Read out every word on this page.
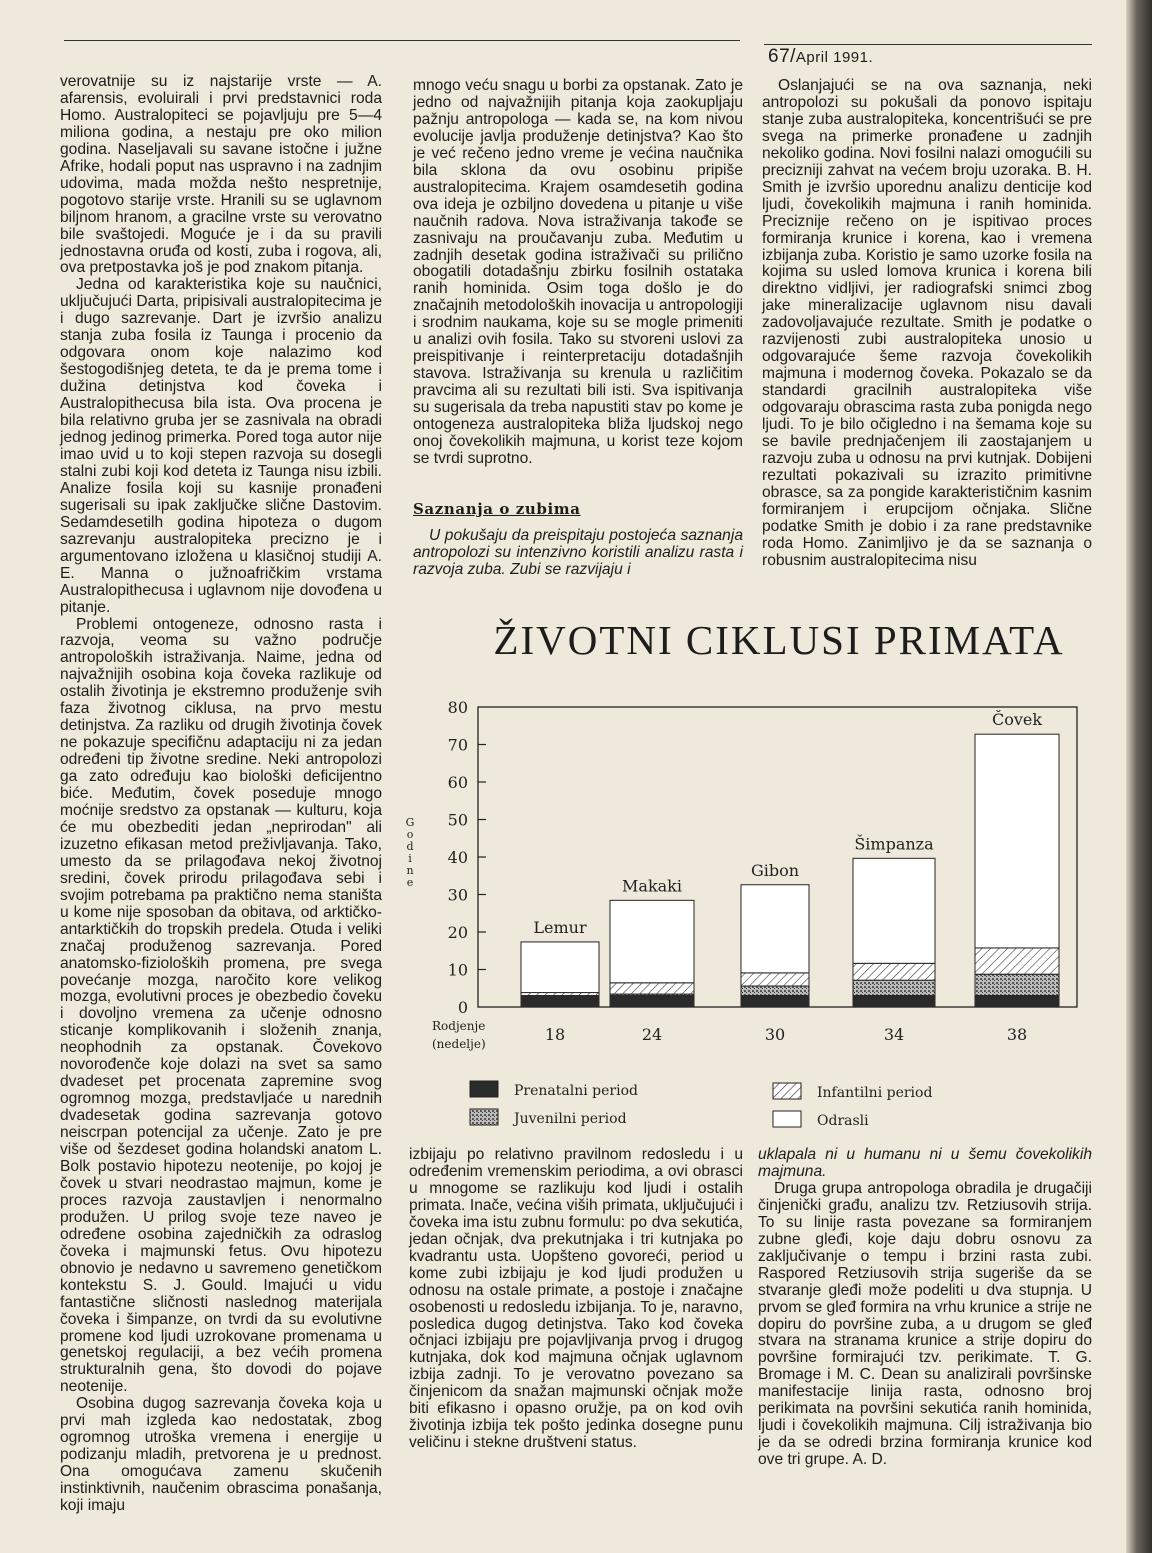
67/April 1991.

verovatnije su iz najstarije vrste — A. afarensis, evoluirali i prvi predstavnici roda Homo. Australopiteci se pojavljuju pre 5—4 miliona godina, a nestaju pre oko milion godina. Naseljavali su savane istočne i južne Afrike, hodali poput nas uspravno i na zadnjim udovima, mada možda nešto nespretnije, pogotovo starije vrste. Hranili su se uglavnom biljnom hranom, a gracilne vrste su verovatno bile svaštojedi. Moguće je i da su pravili jednostavna oruđa od kosti, zuba i rogova, ali, ova pretpostavka još je pod znakom pitanja.

Jedna od karakteristika koje su naučnici, uključujući Darta, pripisivali australopitecima je i dugo sazrevanje. Dart je izvršio analizu stanja zuba fosila iz Taunga i procenio da odgovara onom koje nalazimo kod šestogodišnjeg deteta, te da je prema tome i dužina detinjstva kod čoveka i Australopithecusa bila ista. Ova procena je bila relativno gruba jer se zasnivala na obradi jednog jedinog primerka. Pored toga autor nije imao uvid u to koji stepen razvoja su dosegli stalni zubi koji kod deteta iz Taunga nisu izbili. Analize fosila koji su kasnije pronađeni sugerisali su ipak zaključke slične Dastovim. Sedamdesetilh godina hipoteza o dugom sazrevanju australopiteka precizno je i argumentovano izložena u klasičnoj studiji A. E. Manna o južnoafričkim vrstama Australopithecusa i uglavnom nije dovođena u pitanje.

Problemi ontogeneze, odnosno rasta i razvoja, veoma su važno područje antropoloških istraživanja. Naime, jedna od najvažnijih osobina koja čoveka razlikuje od ostalih životinja je ekstremno produženje svih faza životnog ciklusa, na prvo mestu detinjstva. Za razliku od drugih životinja čovek ne pokazuje specifičnu adaptaciju ni za jedan određeni tip životne sredine. Neki antropolozi ga zato određuju kao biološki deficijentno biće. Međutim, čovek poseduje mnogo moćnije sredstvo za opstanak — kulturu, koja će mu obezbediti jedan „neprirodan" ali izuzetno efikasan metod preživljavanja. Tako, umesto da se prilagođava nekoj životnoj sredini, čovek prirodu prilagođava sebi i svojim potrebama pa praktično nema staništa u kome nije sposoban da obitava, od arktičko-antarktičkih do tropskih predela. Otuda i veliki značaj produženog sazrevanja. Pored anatomsko-fizioloških promena, pre svega povećanje mozga, naročito kore velikog mozga, evolutivni proces je obezbedio čoveku i dovoljno vremena za učenje odnosno sticanje komplikovanih i složenih znanja, neophodnih za opstanak. Čovekovo novorođenče koje dolazi na svet sa samo dvadeset pet procenata zapremine svog ogromnog mozga, predstavljaće u narednih dvadesetak godina sazrevanja gotovo neiscrpan potencijal za učenje. Zato je pre više od šezdeset godina holandski anatom L. Bolk postavio hipotezu neotenije, po kojoj je čovek u stvari neodrastao majmun, kome je proces razvoja zaustavljen i nenormalno produžen. U prilog svoje teze naveo je određene osobina zajedničkih za odraslog čoveka i majmunski fetus. Ovu hipotezu obnovio je nedavno u savremeno genetičkom kontekstu S. J. Gould. Imajući u vidu fantastične sličnosti naslednog materijala čoveka i šimpanze, on tvrdi da su evolutivne promene kod ljudi uzrokovane promenama u genetskoj regulaciji, a bez većih promena strukturalnih gena, što dovodi do pojave neotenije.

Osobina dugog sazrevanja čoveka koja u prvi mah izgleda kao nedostatak, zbog ogromnog utroška vremena i energije u podizanju mladih, pretvorena je u prednost. Ona omogućava zamenu skučenih instinktivnih, naučenim obrascima ponašanja, koji imaju

mnogo veću snagu u borbi za opstanak. Zato je jedno od najvažnijih pitanja koja zaokupljaju pažnju antropologa — kada se, na kom nivou evolucije javlja produženje detinjstva? Kao što je već rečeno jedno vreme je većina naučnika bila sklona da ovu osobinu pripiše australopitecima. Krajem osamdesetih godina ova ideja je ozbiljno dovedena u pitanje u više naučnih radova. Nova istraživanja takođe se zasnivaju na proučavanju zuba. Međutim u zadnjih desetak godina istraživači su prilično obogatili dotadašnju zbirku fosilnih ostataka ranih hominida. Osim toga došlo je do značajnih metodoloških inovacija u antropologiji i srodnim naukama, koje su se mogle primeniti u analizi ovih fosila. Tako su stvoreni uslovi za preispitivanje i reinterpretaciju dotadašnjih stavova. Istraživanja su krenula u različitim pravcima ali su rezultati bili isti. Sva ispitivanja su sugerisala da treba napustiti stav po kome je ontogeneza australopiteka bliža ljudskoj nego onoj čovekolikih majmuna, u korist teze kojom se tvrdi suprotno.

Saznanja o zubima

U pokušaju da preispitaju postojeća saznanja antropolozi su intenzivno koristili analizu rasta i razvoja zuba. Zubi se razvijaju i

Oslanjajući se na ova saznanja, neki antropolozi su pokušali da ponovo ispitaju stanje zuba australopiteka, koncentrišući se pre svega na primerke pronađene u zadnjih nekoliko godina. Novi fosilni nalazi omogućili su precizniji zahvat na većem broju uzoraka. B. H. Smith je izvršio uporednu analizu denticije kod ljudi, čovekolikih majmuna i ranih hominida. Preciznije rečeno on je ispitivao proces formiranja krunice i korena, kao i vremena izbijanja zuba. Koristio je samo uzorke fosila na kojima su usled lomova krunica i korena bili direktno vidljivi, jer radiografski snimci zbog jake mineralizacije uglavnom nisu davali zadovoljavajuće rezultate. Smith je podatke o razvijenosti zubi australopiteka unosio u odgovarajuće šeme razvoja čovekolikih majmuna i modernog čoveka. Pokazalo se da standardi gracilnih australopiteka više odgovaraju obrascima rasta zuba ponigda nego ljudi. To je bilo očigledno i na šemama koje su se bavile prednjačenjem ili zaostajanjem u razvoju zuba u odnosu na prvi kutnjak. Dobijeni rezultati pokazivali su izrazito primitivne obrasce, sa za pongide karakterističnim kasnim formiranjem i erupcijom očnjaka. Slične podatke Smith je dobio i za rane predstavnike roda Homo. Zanimljivo je da se saznanja o robusnim australopitecima nisu

ŽIVOTNI CIKLUSI PRIMATA
0
10
20
30
40
50
60
70
80
G
o
d
i
n
e
Lemur
18
Makaki
24
Gibon
30
Šimpanza
34
Čovek
38
Rodjenje
(nedelje)
Prenatalni period
Juvenilni period
Infantilni period
Odrasli

izbijaju po relativno pravilnom redosledu i u određenim vremenskim periodima, a ovi obrasci u mnogome se razlikuju kod ljudi i ostalih primata. Inače, većina viših primata, uključujući i čoveka ima istu zubnu formulu: po dva sekutića, jedan očnjak, dva prekutnjaka i tri kutnjaka po kvadrantu usta. Uopšteno govoreći, period u kome zubi izbijaju je kod ljudi produžen u odnosu na ostale primate, a postoje i značajne osobenosti u redosledu izbijanja. To je, naravno, posledica dugog detinjstva. Tako kod čoveka očnjaci izbijaju pre pojavljivanja prvog i drugog kutnjaka, dok kod majmuna očnjak uglavnom izbija zadnji. To je verovatno povezano sa činjenicom da snažan majmunski očnjak može biti efikasno i opasno oružje, pa on kod ovih životinja izbija tek pošto jedinka dosegne punu veličinu i stekne društveni status.

uklapala ni u humanu ni u šemu čovekolikih majmuna.

Druga grupa antropologa obradila je drugačiji činjenički građu, analizu tzv. Retziusovih strija. To su linije rasta povezane sa formiranjem zubne gleđi, koje daju dobru osnovu za zaključivanje o tempu i brzini rasta zubi. Raspored Retziusovih strija sugeriše da se stvaranje gleđi može podeliti u dva stupnja. U prvom se gleđ formira na vrhu krunice a strije ne dopiru do površine zuba, a u drugom se gleđ stvara na stranama krunice a strije dopiru do površine formirajući tzv. perikimate. T. G. Bromage i M. C. Dean su analizirali površinske manifestacije linija rasta, odnosno broj perikimata na površini sekutića ranih hominida, ljudi i čovekolikih majmuna. Cilj istraživanja bio je da se odredi brzina formiranja krunice kod ove tri grupe. A. D.
